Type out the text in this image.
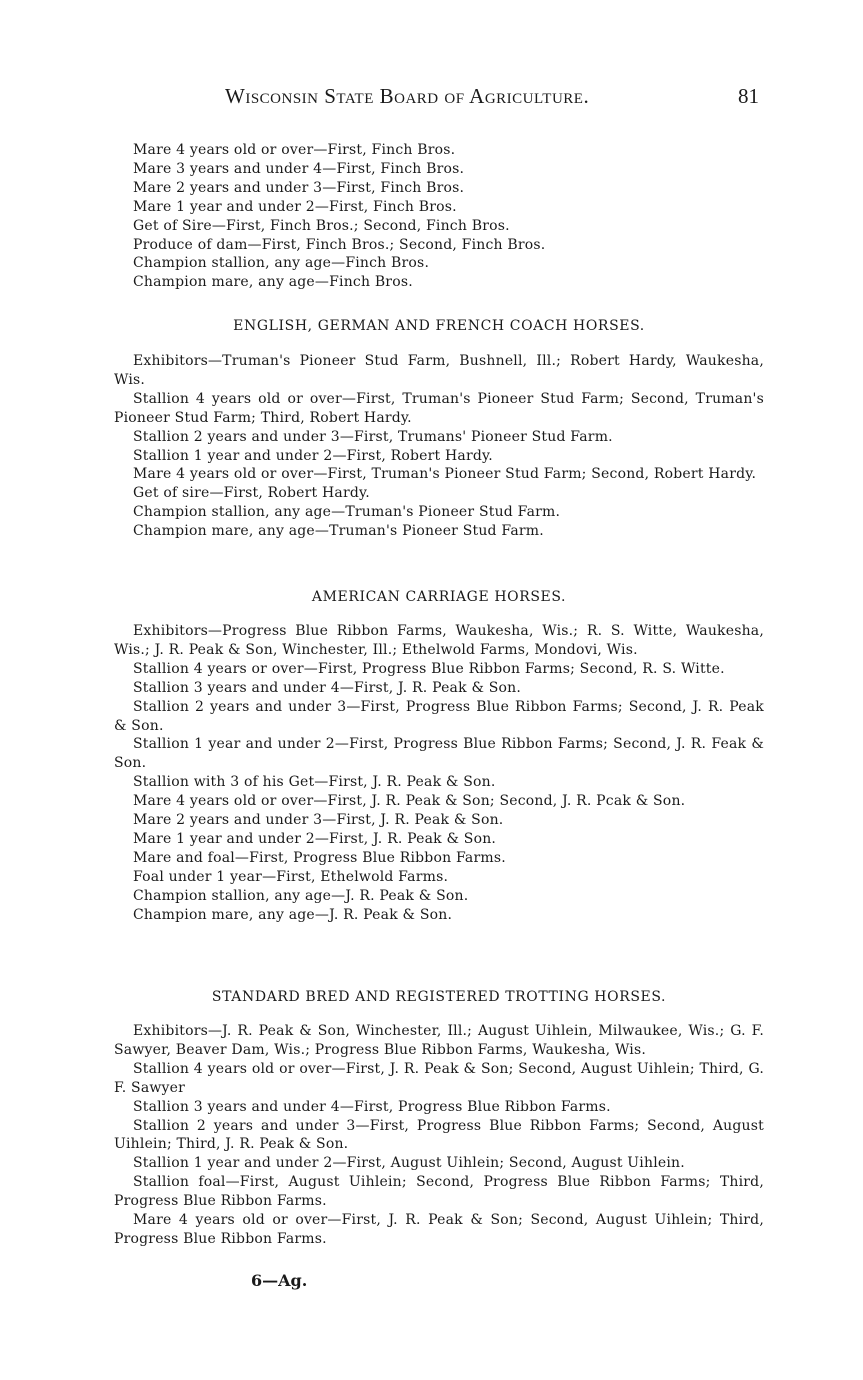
Wisconsin State Board of Agriculture.	81

Mare 4 years old or over—First, Finch Bros.

Mare 3 years and under 4—First, Finch Bros.

Mare 2 years and under 3—First, Finch Bros.

Mare 1 year and under 2—First, Finch Bros.

Get of Sire—First, Finch Bros.; Second, Finch Bros.

Produce of dam—First, Finch Bros.; Second, Finch Bros.

Champion stallion, any age—Finch Bros.

Champion mare, any age—Finch Bros.

ENGLISH, GERMAN AND FRENCH COACH HORSES.

Exhibitors—Truman's Pioneer Stud Farm, Bushnell, Ill.; Robert Hardy, Waukesha, Wis.

Stallion 4 years old or over—First, Truman's Pioneer Stud Farm; Second, Truman's Pioneer Stud Farm; Third, Robert Hardy.

Stallion 2 years and under 3—First, Trumans' Pioneer Stud Farm.

Stallion 1 year and under 2—First, Robert Hardy.

Mare 4 years old or over—First, Truman's Pioneer Stud Farm; Second, Robert Hardy.

Get of sire—First, Robert Hardy.

Champion stallion, any age—Truman's Pioneer Stud Farm.

Champion mare, any age—Truman's Pioneer Stud Farm.

AMERICAN CARRIAGE HORSES.

Exhibitors—Progress Blue Ribbon Farms, Waukesha, Wis.; R. S. Witte, Waukesha, Wis.; J. R. Peak & Son, Winchester, Ill.; Ethelwold Farms, Mondovi, Wis.

Stallion 4 years or over—First, Progress Blue Ribbon Farms; Second, R. S. Witte.

Stallion 3 years and under 4—First, J. R. Peak & Son.

Stallion 2 years and under 3—First, Progress Blue Ribbon Farms; Second, J. R. Peak & Son.

Stallion 1 year and under 2—First, Progress Blue Ribbon Farms; Second, J. R. Feak & Son.

Stallion with 3 of his Get—First, J. R. Peak & Son.

Mare 4 years old or over—First, J. R. Peak & Son; Second, J. R. Pcak & Son.

Mare 2 years and under 3—First, J. R. Peak & Son.

Mare 1 year and under 2—First, J. R. Peak & Son.

Mare and foal—First, Progress Blue Ribbon Farms.

Foal under 1 year—First, Ethelwold Farms.

Champion stallion, any age—J. R. Peak & Son.

Champion mare, any age—J. R. Peak & Son.

STANDARD BRED AND REGISTERED TROTTING HORSES.

Exhibitors—J. R. Peak & Son, Winchester, Ill.; August Uihlein, Milwaukee, Wis.; G. F. Sawyer, Beaver Dam, Wis.; Progress Blue Ribbon Farms, Waukesha, Wis.

Stallion 4 years old or over—First, J. R. Peak & Son; Second, August Uihlein; Third, G. F. Sawyer

Stallion 3 years and under 4—First, Progress Blue Ribbon Farms.

Stallion 2 years and under 3—First, Progress Blue Ribbon Farms; Second, August Uihlein; Third, J. R. Peak & Son.

Stallion 1 year and under 2—First, August Uihlein; Second, August Uihlein.

Stallion foal—First, August Uihlein; Second, Progress Blue Ribbon Farms; Third, Progress Blue Ribbon Farms.

Mare 4 years old or over—First, J. R. Peak & Son; Second, August Uihlein; Third, Progress Blue Ribbon Farms.

6—Ag.
